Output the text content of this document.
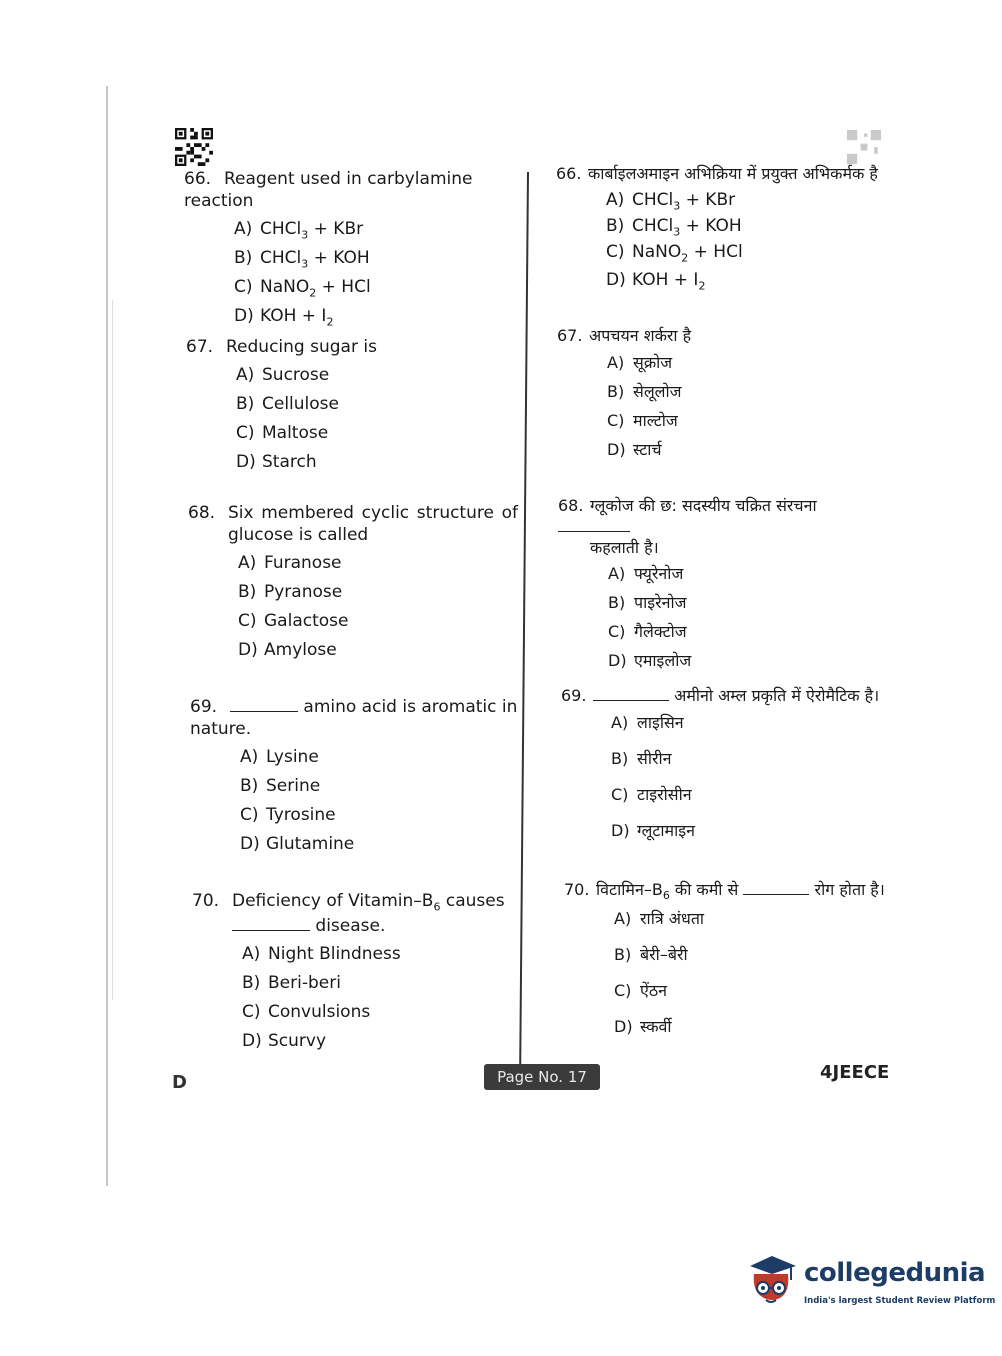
66. Reagent used in carbylamine reaction
A) CHCl$_3$ + KBr
B) CHCl$_3$ + KOH
C) NaNO$_2$ + HCl
D) KOH + $I_2$
67. Reducing sugar is
A) Sucrose
B) Cellulose
C) Maltose
D) Starch
68. Six membered cyclic structure of glucose is called
A) Furanose
B) Pyranose
C) Galactose
D) Amylose
69.	amino acid is aromatic in nature.
A) Lysine
B) Serine
C) Tyrosine
D) Glutamine
70. Deficiency of Vitamin–$B_6$ causes
disease.
A) Night Blindness
B) Beri-beri
C) Convulsions
D) Scurvy
66. कार्बाइलअमाइन अभिक्रिया में प्रयुक्त अभिकर्मक है
A) CHCl$_3$ + KBr
B) CHCl$_3$ + KOH
C) NaNO$_2$ + HCl
D) KOH + $I_2$
67. अपचयन शर्करा है
A) सूक्रोज
B) सेलूलोज
C) माल्टोज
D) स्टार्च
68. ग्लूकोज की छ: सदस्यीय चक्रित संरचना
कहलाती है।
A) फ्यूरेनोज
B) पाइरेनोज
C) गैलेक्टोज
D) एमाइलोज
69.	अमीनो अम्ल प्रकृति में ऐरोमैटिक है।
A) लाइसिन
B) सीरीन
C) टाइरोसीन
D) ग्लूटामाइन
70. $विटामिन-B_6$ की कमी से	रोग होता है।
A) रात्रि अंधता
B) बेरी–बेरी
C) ऐंठन
D) स्कर्वी
D	Page No. 17	4JEECE
collegedunia
India's largest Student Review Platform
